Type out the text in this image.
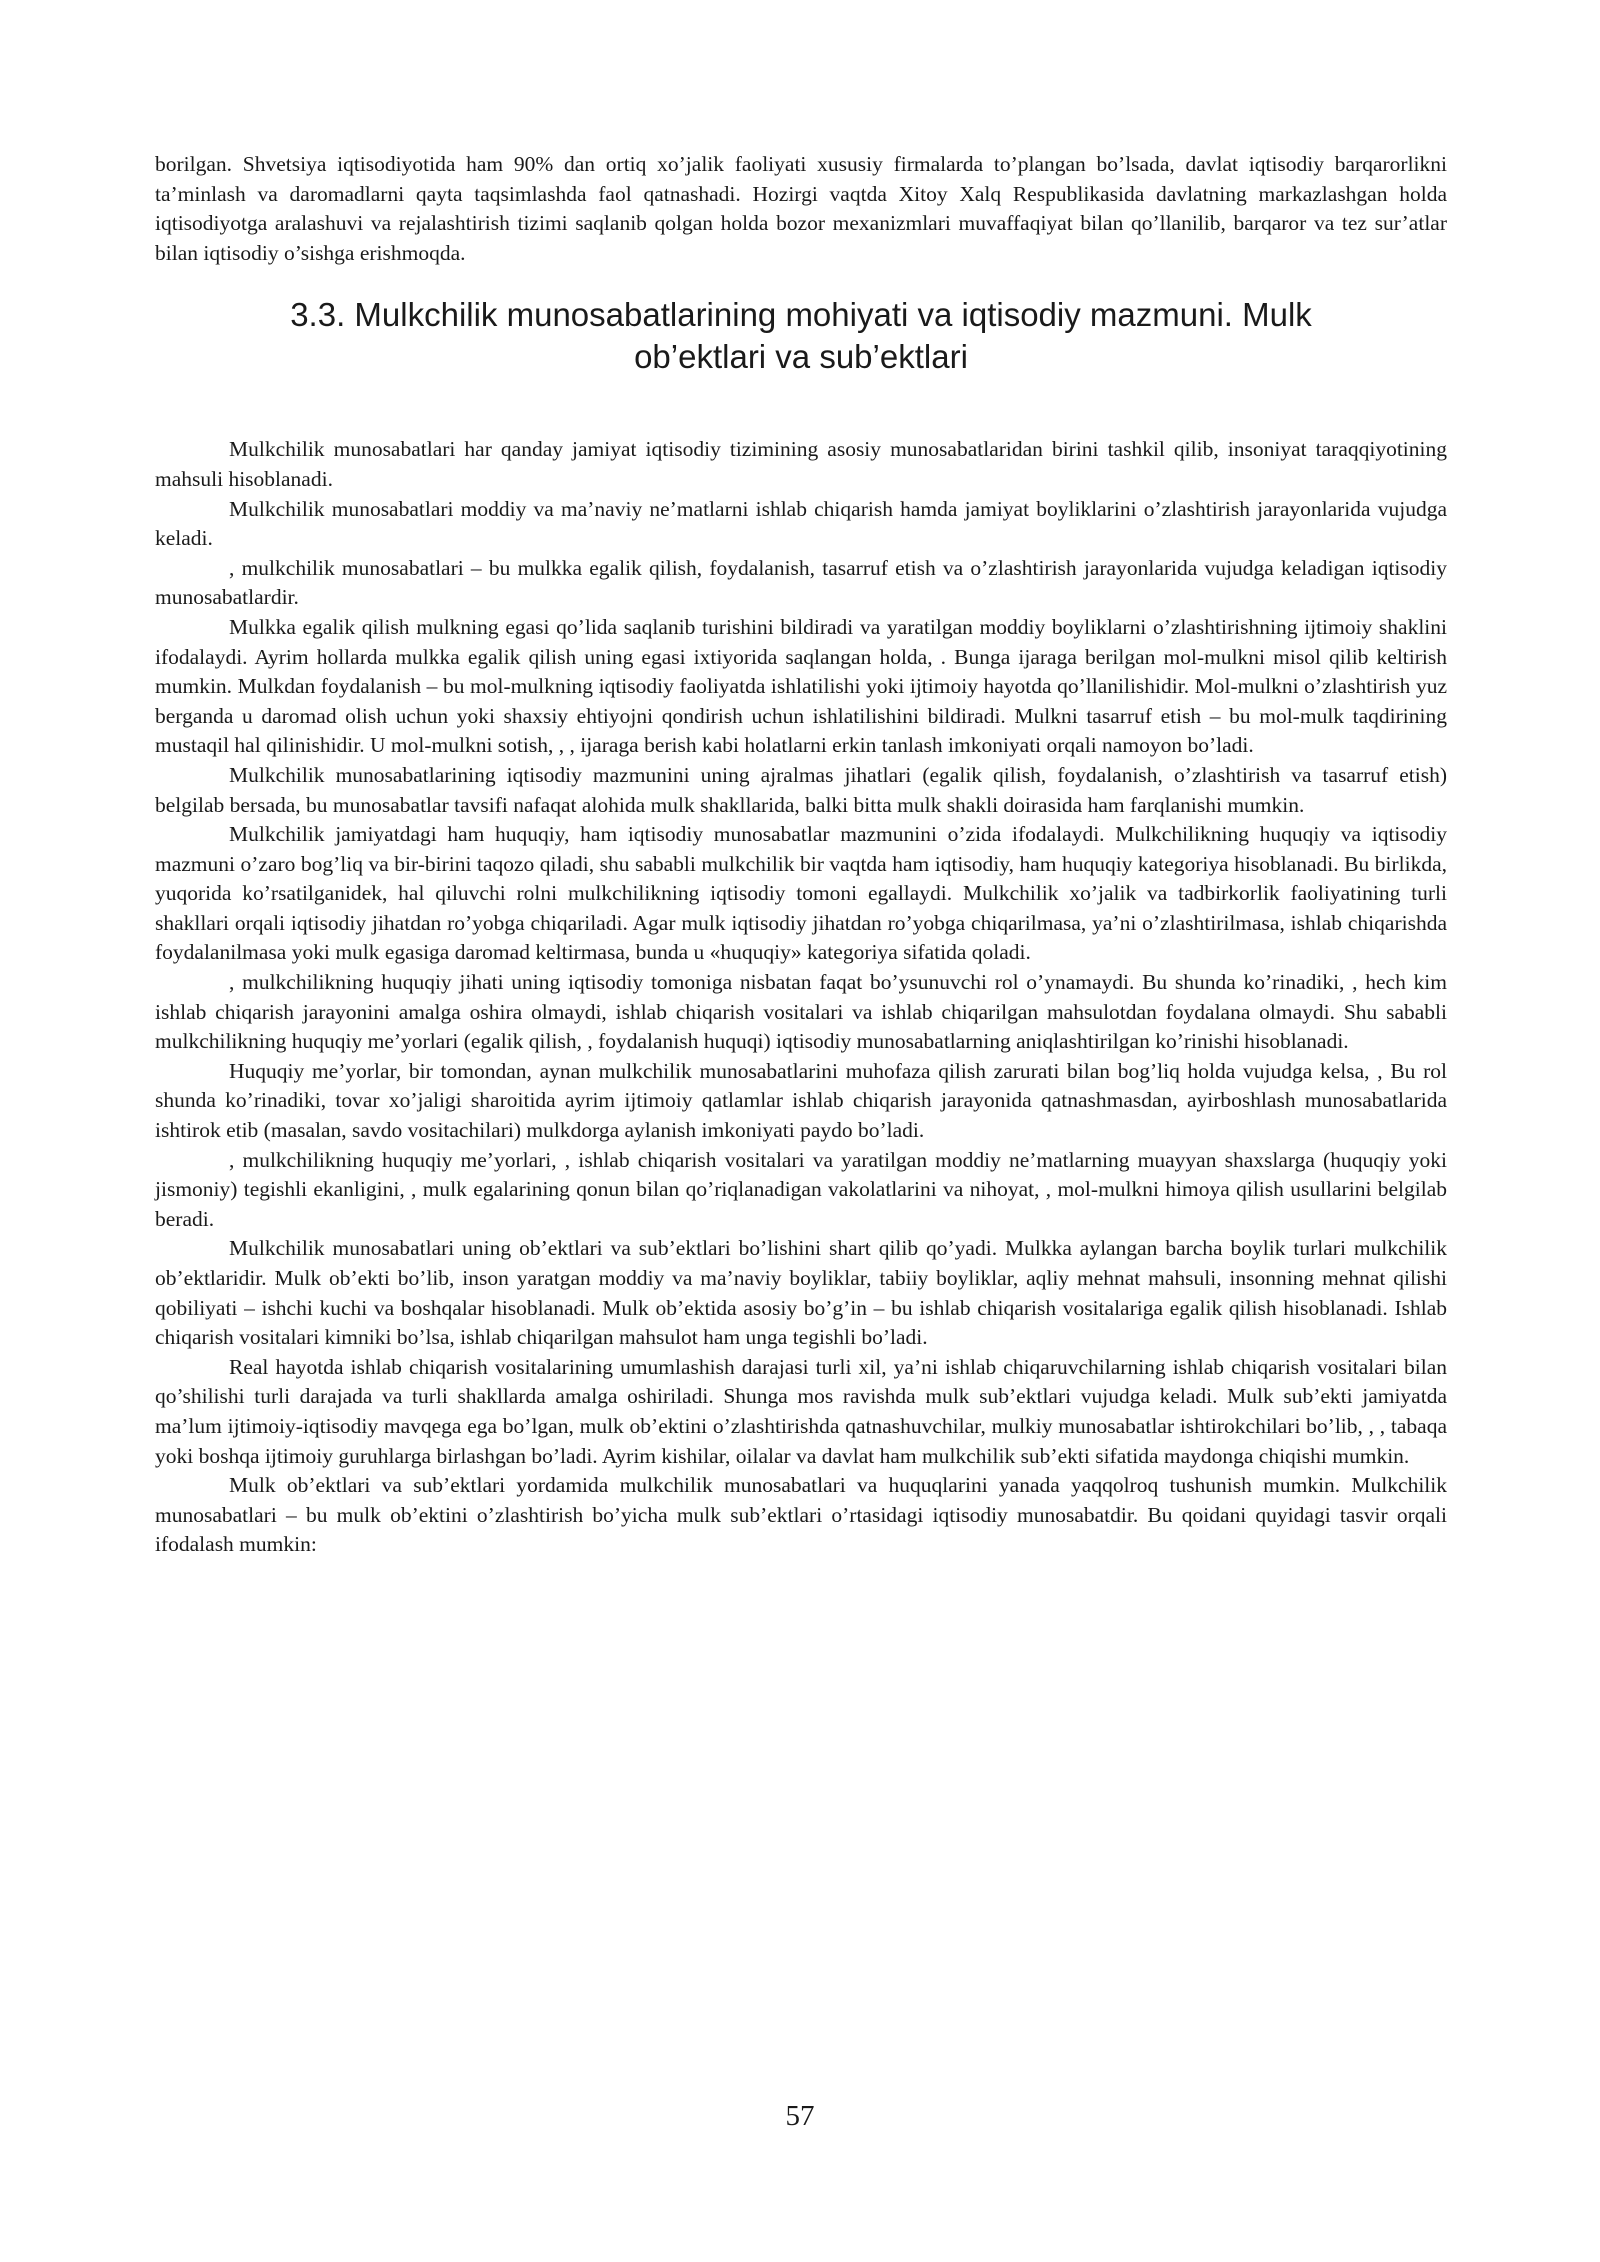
borilgan. Shvetsiya iqtisodiyotida ham 90% dan ortiq xo’jalik faoliyati xususiy firmalarda to’plangan bo’lsada, davlat iqtisodiy barqarorlikni ta’minlash va daromadlarni qayta taqsimlashda faol qatnashadi. Hozirgi vaqtda Xitoy Xalq Respublikasida davlatning markazlashgan holda iqtisodiyotga aralashuvi va rejalashtirish tizimi saqlanib qolgan holda bozor mexanizmlari muvaffaqiyat bilan qo’llanilib, barqaror va tez sur’atlar bilan iqtisodiy o’sishga erishmoqda.

3.3. Mulkchilik munosabatlarining mohiyati va iqtisodiy mazmuni. Mulk ob’ektlari va sub’ektlari

Mulkchilik munosabatlari har qanday jamiyat iqtisodiy tizimining asosiy munosabatlaridan birini tashkil qilib, insoniyat taraqqiyotining mahsuli hisoblanadi.

Mulkchilik munosabatlari moddiy va ma’naviy ne’matlarni ishlab chiqarish hamda jamiyat boyliklarini o’zlashtirish jarayonlarida vujudga keladi.

, mulkchilik munosabatlari – bu mulkka egalik qilish, foydalanish, tasarruf etish va o’zlashtirish jarayonlarida vujudga keladigan iqtisodiy munosabatlardir.

Mulkka egalik qilish mulkning egasi qo’lida saqlanib turishini bildiradi va yaratilgan moddiy boyliklarni o’zlashtirishning ijtimoiy shaklini ifodalaydi. Ayrim hollarda mulkka egalik qilish uning egasi ixtiyorida saqlangan holda, . Bunga ijaraga berilgan mol-mulkni misol qilib keltirish mumkin. Mulkdan foydalanish – bu mol-mulkning iqtisodiy faoliyatda ishlatilishi yoki ijtimoiy hayotda qo’llanilishidir. Mol-mulkni o’zlashtirish yuz berganda u daromad olish uchun yoki shaxsiy ehtiyojni qondirish uchun ishlatilishini bildiradi. Mulkni tasarruf etish – bu mol-mulk taqdirining mustaqil hal qilinishidir. U mol-mulkni sotish, , , ijaraga berish kabi holatlarni erkin tanlash imkoniyati orqali namoyon bo’ladi.

Mulkchilik munosabatlarining iqtisodiy mazmunini uning ajralmas jihatlari (egalik qilish, foydalanish, o’zlashtirish va tasarruf etish) belgilab bersada, bu munosabatlar tavsifi nafaqat alohida mulk shakllarida, balki bitta mulk shakli doirasida ham farqlanishi mumkin.

Mulkchilik jamiyatdagi ham huquqiy, ham iqtisodiy munosabatlar mazmunini o’zida ifodalaydi. Mulkchilikning huquqiy va iqtisodiy mazmuni o’zaro bog’liq va bir-birini taqozo qiladi, shu sababli mulkchilik bir vaqtda ham iqtisodiy, ham huquqiy kategoriya hisoblanadi. Bu birlikda, yuqorida ko’rsatilganidek, hal qiluvchi rolni mulkchilikning iqtisodiy tomoni egallaydi. Mulkchilik xo’jalik va tadbirkorlik faoliyatining turli shakllari orqali iqtisodiy jihatdan ro’yobga chiqariladi. Agar mulk iqtisodiy jihatdan ro’yobga chiqarilmasa, ya’ni o’zlashtirilmasa, ishlab chiqarishda foydalanilmasa yoki mulk egasiga daromad keltirmasa, bunda u «huquqiy» kategoriya sifatida qoladi.

, mulkchilikning huquqiy jihati uning iqtisodiy tomoniga nisbatan faqat bo’ysunuvchi rol o’ynamaydi. Bu shunda ko’rinadiki, , hech kim ishlab chiqarish jarayonini amalga oshira olmaydi, ishlab chiqarish vositalari va ishlab chiqarilgan mahsulotdan foydalana olmaydi. Shu sababli mulkchilikning huquqiy me’yorlari (egalik qilish, , foydalanish huquqi) iqtisodiy munosabatlarning aniqlashtirilgan ko’rinishi hisoblanadi.

Huquqiy me’yorlar, bir tomondan, aynan mulkchilik munosabatlarini muhofaza qilish zarurati bilan bog’liq holda vujudga kelsa, , Bu rol shunda ko’rinadiki, tovar xo’jaligi sharoitida ayrim ijtimoiy qatlamlar ishlab chiqarish jarayonida qatnashmasdan, ayirboshlash munosabatlarida ishtirok etib (masalan, savdo vositachilari) mulkdorga aylanish imkoniyati paydo bo’ladi.

, mulkchilikning huquqiy me’yorlari, , ishlab chiqarish vositalari va yaratilgan moddiy ne’matlarning muayyan shaxslarga (huquqiy yoki jismoniy) tegishli ekanligini, , mulk egalarining qonun bilan qo’riqlanadigan vakolatlarini va nihoyat, , mol-mulkni himoya qilish usullarini belgilab beradi.

Mulkchilik munosabatlari uning ob’ektlari va sub’ektlari bo’lishini shart qilib qo’yadi. Mulkka aylangan barcha boylik turlari mulkchilik ob’ektlaridir. Mulk ob’ekti bo’lib, inson yaratgan moddiy va ma’naviy boyliklar, tabiiy boyliklar, aqliy mehnat mahsuli, insonning mehnat qilishi qobiliyati – ishchi kuchi va boshqalar hisoblanadi. Mulk ob’ektida asosiy bo’g’in – bu ishlab chiqarish vositalariga egalik qilish hisoblanadi. Ishlab chiqarish vositalari kimniki bo’lsa, ishlab chiqarilgan mahsulot ham unga tegishli bo’ladi.

Real hayotda ishlab chiqarish vositalarining umumlashish darajasi turli xil, ya’ni ishlab chiqaruvchilarning ishlab chiqarish vositalari bilan qo’shilishi turli darajada va turli shakllarda amalga oshiriladi. Shunga mos ravishda mulk sub’ektlari vujudga keladi. Mulk sub’ekti jamiyatda ma’lum ijtimoiy-iqtisodiy mavqega ega bo’lgan, mulk ob’ektini o’zlashtirishda qatnashuvchilar, mulkiy munosabatlar ishtirokchilari bo’lib, , , tabaqa yoki boshqa ijtimoiy guruhlarga birlashgan bo’ladi. Ayrim kishilar, oilalar va davlat ham mulkchilik sub’ekti sifatida maydonga chiqishi mumkin.

Mulk ob’ektlari va sub’ektlari yordamida mulkchilik munosabatlari va huquqlarini yanada yaqqolroq tushunish mumkin. Mulkchilik munosabatlari – bu mulk ob’ektini o’zlashtirish bo’yicha mulk sub’ektlari o’rtasidagi iqtisodiy munosabatdir. Bu qoidani quyidagi tasvir orqali ifodalash mumkin:

57
